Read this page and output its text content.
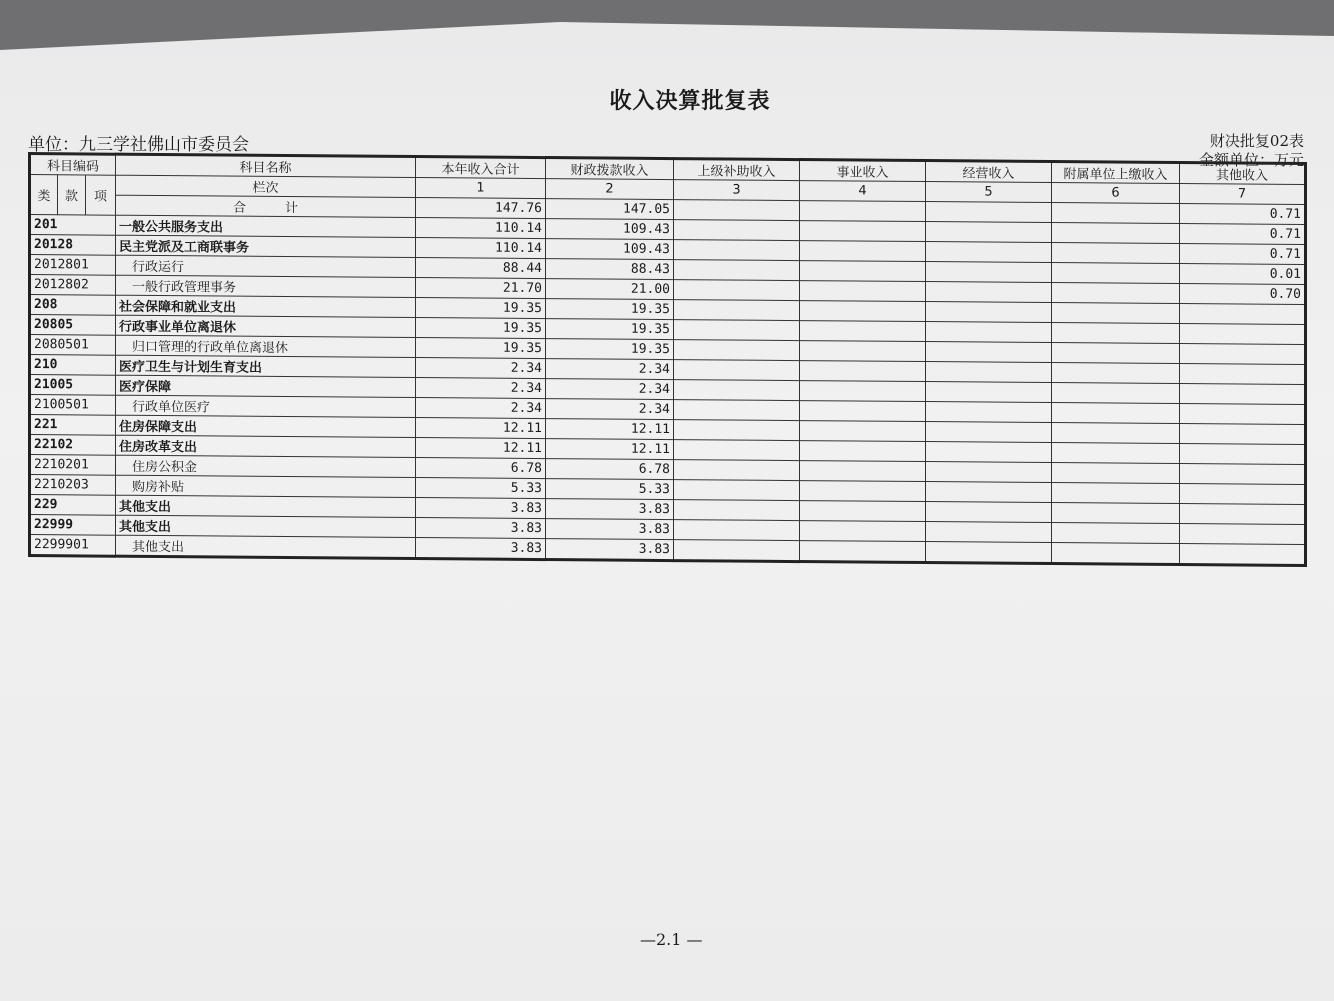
收入决算批复表
单位：九三学社佛山市委员会	财决批复02表
金额单位：万元
科目编码			科目名称	本年收入合计	财政拨款收入	上级补助收入	事业收入	经营收入	附属单位上缴收入	其他收入
类	款	项	栏次	1	2	3	4	5	6	7
			合　　　计	147.76	147.05					0.71
201			一般公共服务支出	110.14	109.43					0.71
20128			民主党派及工商联事务	110.14	109.43					0.71
2012801			　行政运行	88.44	88.43					0.01
2012802			　一般行政管理事务	21.70	21.00					0.70
208			社会保障和就业支出	19.35	19.35					
20805			行政事业单位离退休	19.35	19.35					
2080501			　归口管理的行政单位离退休	19.35	19.35					
210			医疗卫生与计划生育支出	2.34	2.34					
21005			医疗保障	2.34	2.34					
2100501			　行政单位医疗	2.34	2.34					
221			住房保障支出	12.11	12.11					
22102			住房改革支出	12.11	12.11					
2210201			　住房公积金	6.78	6.78					
2210203			　购房补贴	5.33	5.33					
229			其他支出	3.83	3.83					
22999			其他支出	3.83	3.83					
2299901			　其他支出	3.83	3.83					
—2.1 —
